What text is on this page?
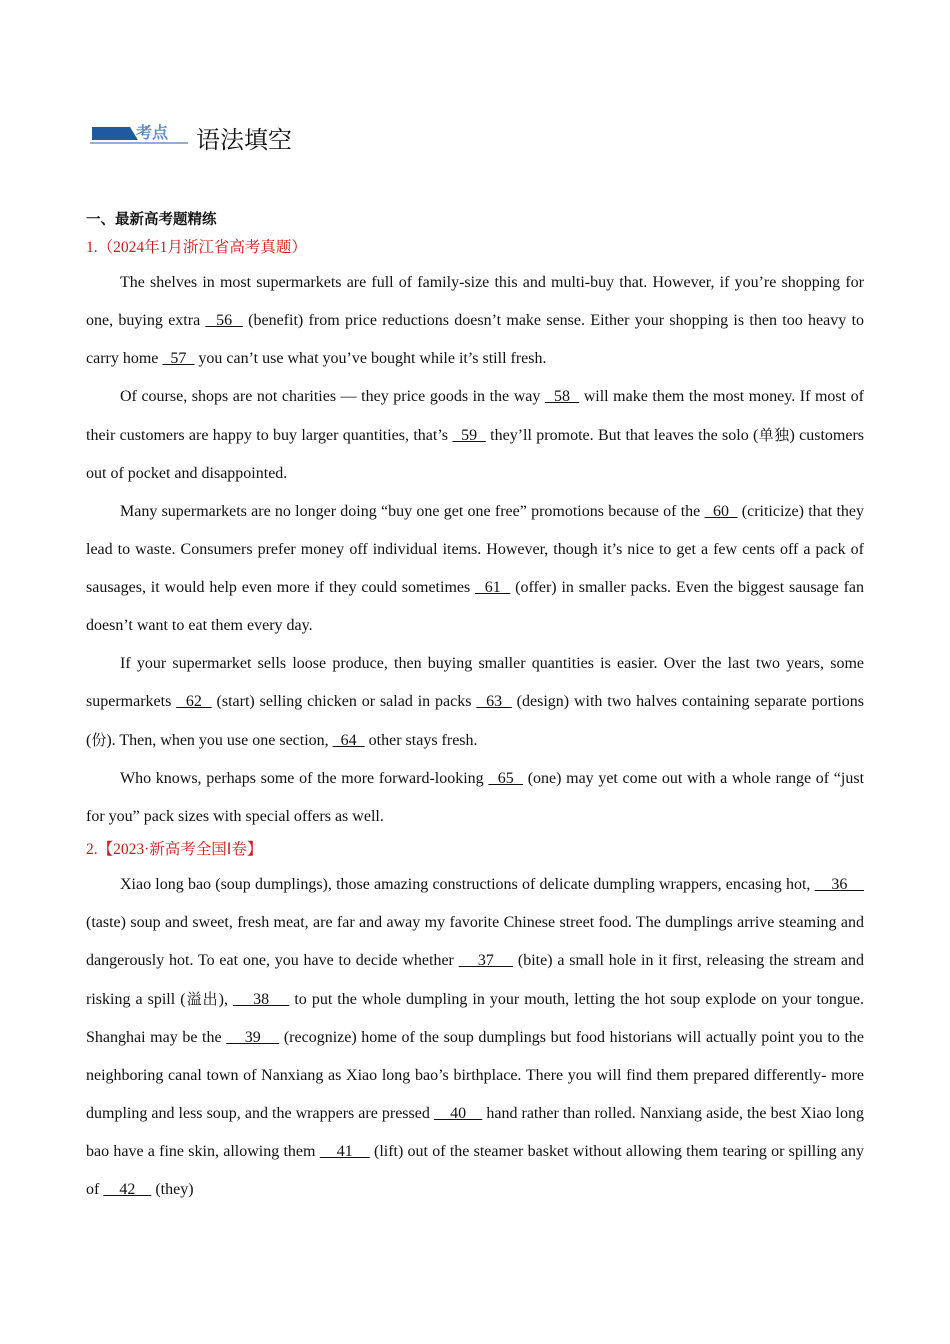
考点 语法填空
一、最新高考题精练
1.（2024年1月浙江省高考真题）

The shelves in most supermarkets are full of family-size this and multi-buy that. However, if you’re shopping for one, buying extra   56   (benefit) from price reductions doesn’t make sense. Either your shopping is then too heavy to carry home   57   you can’t use what you’ve bought while it’s still fresh.

Of course, shops are not charities — they price goods in the way   58   will make them the most money. If most of their customers are happy to buy larger quantities, that’s   59   they’ll promote. But that leaves the solo (单独) customers out of pocket and disappointed.

Many supermarkets are no longer doing “buy one get one free” promotions because of the   60   (criticize) that they lead to waste. Consumers prefer money off individual items. However, though it’s nice to get a few cents off a pack of sausages, it would help even more if they could sometimes   61   (offer) in smaller packs. Even the biggest sausage fan doesn’t want to eat them every day.

If your supermarket sells loose produce, then buying smaller quantities is easier. Over the last two years, some supermarkets   62   (start) selling chicken or salad in packs   63   (design) with two halves containing separate portions (份). Then, when you use one section,   64   other stays fresh.

Who knows, perhaps some of the more forward-looking   65   (one) may yet come out with a whole range of “just for you” pack sizes with special offers as well.

2.【2023·新高考全国Ⅰ卷】

Xiao long bao (soup dumplings), those amazing constructions of delicate dumpling wrappers, encasing hot,     36     (taste) soup and sweet, fresh meat, are far and away my favorite Chinese street food. The dumplings arrive steaming and dangerously hot. To eat one, you have to decide whether     37     (bite) a small hole in it first, releasing the stream and risking a spill (溢出),     38     to put the whole dumpling in your mouth, letting the hot soup explode on your tongue. Shanghai may be the     39     (recognize) home of the soup dumplings but food historians will actually point you to the neighboring canal town of Nanxiang as Xiao long bao’s birthplace. There you will find them prepared differently- more dumpling and less soup, and the wrappers are pressed     40     hand rather than rolled. Nanxiang aside, the best Xiao long bao have a fine skin, allowing them     41     (lift) out of the steamer basket without allowing them tearing or spilling any of     42     (they)
